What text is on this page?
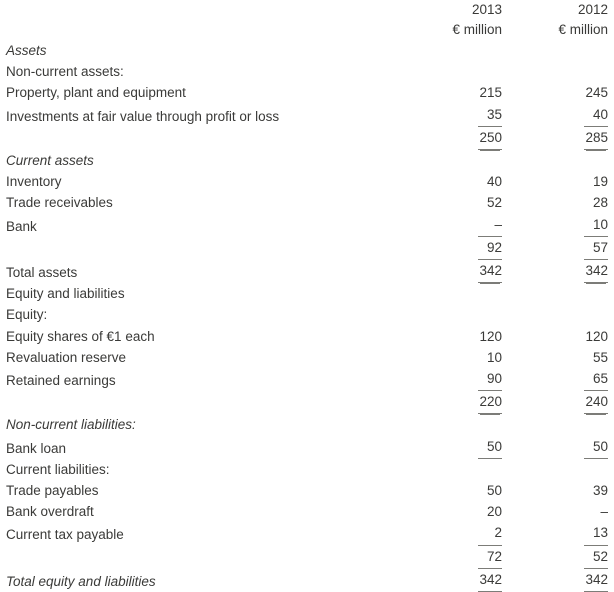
	2013	2012
	€ million	€ million
Assets		
Non-current assets:		
Property, plant and equipment	215	245
Investments at fair value through profit or loss	35	40
	250	285
Current assets		
Inventory	40	19
Trade receivables	52	28
Bank	–	10
	92	57
Total assets	342	342
Equity and liabilities		
Equity:		
Equity shares of €1 each	120	120
Revaluation reserve	10	55
Retained earnings	90	65
	220	240
Non-current liabilities:		
Bank loan	50	50
Current liabilities:		
Trade payables	50	39
Bank overdraft	20	–
Current tax payable	2	13
	72	52
Total equity and liabilities	342	342
